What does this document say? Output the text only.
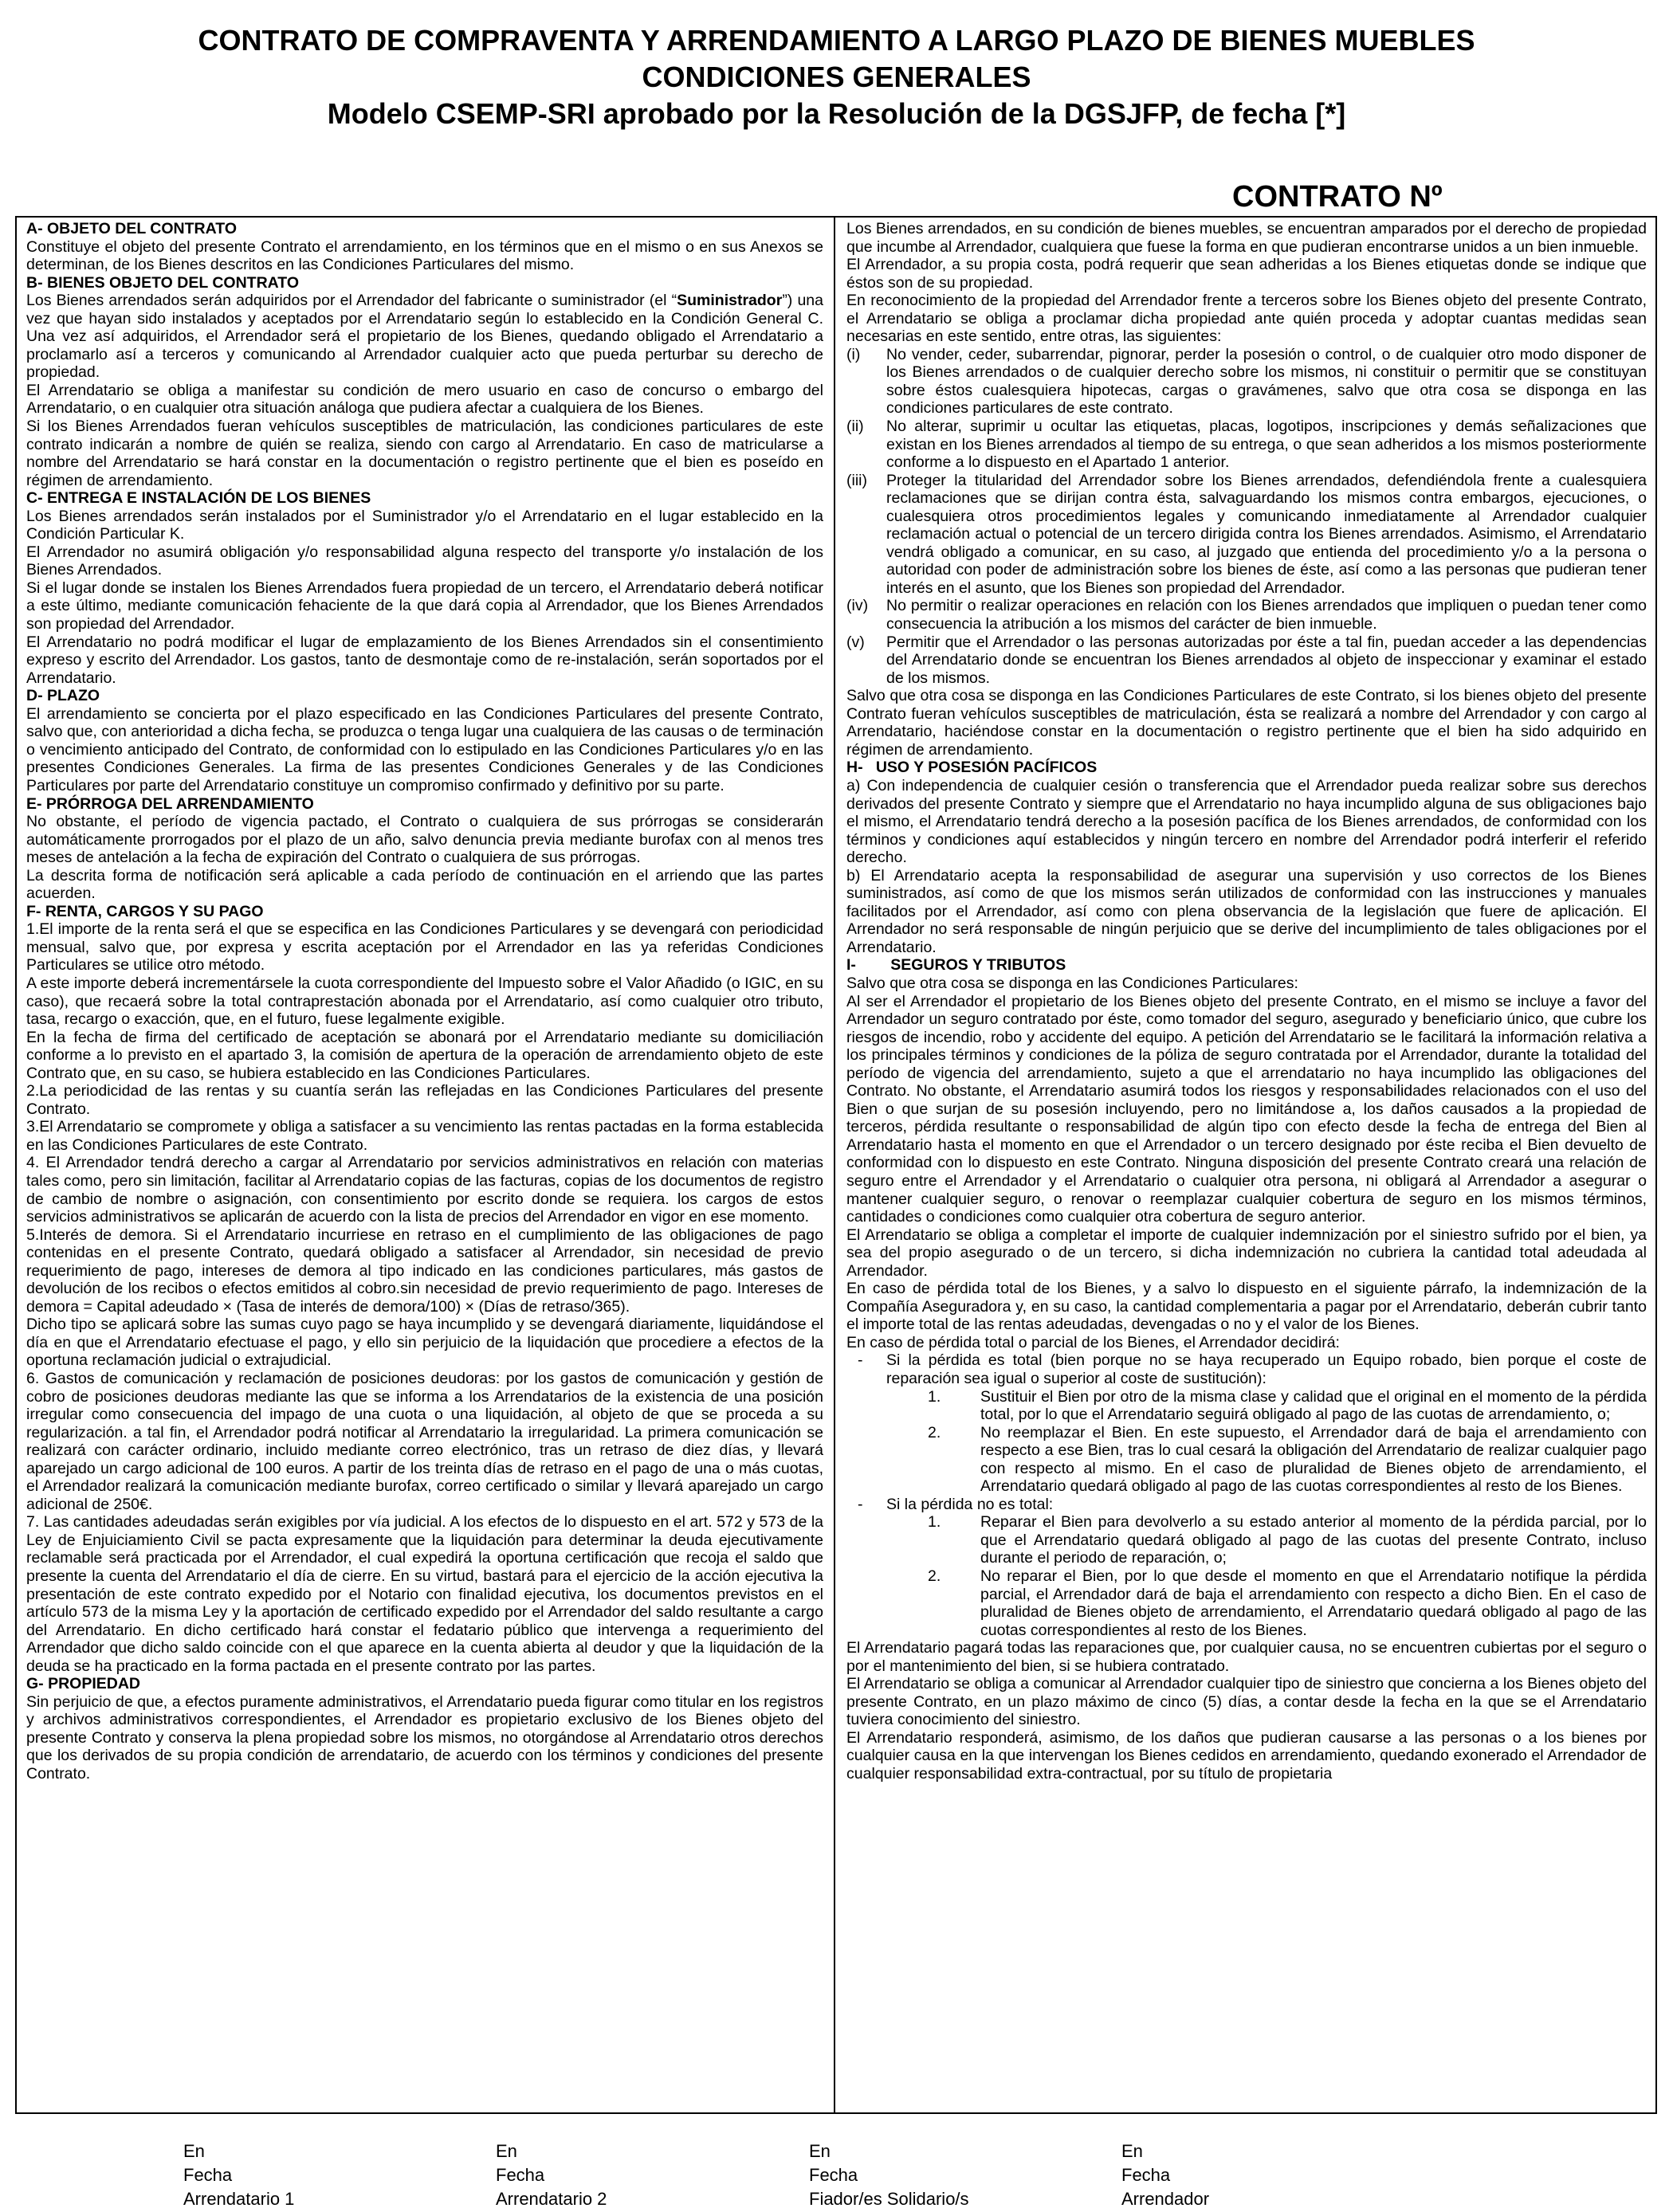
CONTRATO DE COMPRAVENTA Y ARRENDAMIENTO A LARGO PLAZO DE BIENES MUEBLES
CONDICIONES GENERALES
Modelo CSEMP-SRI aprobado por la Resolución de la DGSJFP, de fecha [*]
CONTRATO Nº

A- OBJETO DEL CONTRATO

Constituye el objeto del presente Contrato el arrendamiento, en los términos que en el mismo o en sus Anexos se determinan, de los Bienes descritos en las Condiciones Particulares del mismo.

B- BIENES OBJETO DEL CONTRATO

Los Bienes arrendados serán adquiridos por el Arrendador del fabricante o suministrador (el “Suministrador”) una vez que hayan sido instalados y aceptados por el Arrendatario según lo establecido en la Condición General C. Una vez así adquiridos, el Arrendador será el propietario de los Bienes, quedando obligado el Arrendatario a proclamarlo así a terceros y comunicando al Arrendador cualquier acto que pueda perturbar su derecho de propiedad.

El Arrendatario se obliga a manifestar su condición de mero usuario en caso de concurso o embargo del Arrendatario, o en cualquier otra situación análoga que pudiera afectar a cualquiera de los Bienes.

Si los Bienes Arrendados fueran vehículos susceptibles de matriculación, las condiciones particulares de este contrato indicarán a nombre de quién se realiza, siendo con cargo al Arrendatario. En caso de matricularse a nombre del Arrendatario se hará constar en la documentación o registro pertinente que el bien es poseído en régimen de arrendamiento.

C- ENTREGA E INSTALACIÓN DE LOS BIENES

Los Bienes arrendados serán instalados por el Suministrador y/o el Arrendatario en el lugar establecido en la Condición Particular K.

El Arrendador no asumirá obligación y/o responsabilidad alguna respecto del transporte y/o instalación de los Bienes Arrendados.

Si el lugar donde se instalen los Bienes Arrendados fuera propiedad de un tercero, el Arrendatario deberá notificar a este último, mediante comunicación fehaciente de la que dará copia al Arrendador, que los Bienes Arrendados son propiedad del Arrendador.

El Arrendatario no podrá modificar el lugar de emplazamiento de los Bienes Arrendados sin el consentimiento expreso y escrito del Arrendador. Los gastos, tanto de desmontaje como de re-instalación, serán soportados por el Arrendatario.

D- PLAZO

El arrendamiento se concierta por el plazo especificado en las Condiciones Particulares del presente Contrato, salvo que, con anterioridad a dicha fecha, se produzca o tenga lugar una cualquiera de las causas o de terminación o vencimiento anticipado del Contrato, de conformidad con lo estipulado en las Condiciones Particulares y/o en las presentes Condiciones Generales. La firma de las presentes Condiciones Generales y de las Condiciones Particulares por parte del Arrendatario constituye un compromiso confirmado y definitivo por su parte.

E- PRÓRROGA DEL ARRENDAMIENTO

No obstante, el período de vigencia pactado, el Contrato o cualquiera de sus prórrogas se considerarán automáticamente prorrogados por el plazo de un año, salvo denuncia previa mediante burofax con al menos tres meses de antelación a la fecha de expiración del Contrato o cualquiera de sus prórrogas.

La descrita forma de notificación será aplicable a cada período de continuación en el arriendo que las partes acuerden.

F- RENTA, CARGOS Y SU PAGO

1.El importe de la renta será el que se especifica en las Condiciones Particulares y se devengará con periodicidad mensual, salvo que, por expresa y escrita aceptación por el Arrendador en las ya referidas Condiciones Particulares se utilice otro método.

A este importe deberá incrementársele la cuota correspondiente del Impuesto sobre el Valor Añadido (o IGIC, en su caso), que recaerá sobre la total contraprestación abonada por el Arrendatario, así como cualquier otro tributo, tasa, recargo o exacción, que, en el futuro, fuese legalmente exigible.

En la fecha de firma del certificado de aceptación se abonará por el Arrendatario mediante su domiciliación conforme a lo previsto en el apartado 3, la comisión de apertura de la operación de arrendamiento objeto de este Contrato que, en su caso, se hubiera establecido en las Condiciones Particulares.

2.La periodicidad de las rentas y su cuantía serán las reflejadas en las Condiciones Particulares del presente Contrato.

3.El Arrendatario se compromete y obliga a satisfacer a su vencimiento las rentas pactadas en la forma establecida en las Condiciones Particulares de este Contrato.

4. El Arrendador tendrá derecho a cargar al Arrendatario por servicios administrativos en relación con materias tales como, pero sin limitación, facilitar al Arrendatario copias de las facturas, copias de los documentos de registro de cambio de nombre o asignación, con consentimiento por escrito donde se requiera. los cargos de estos servicios administrativos se aplicarán de acuerdo con la lista de precios del Arrendador en vigor en ese momento.

5.Interés de demora. Si el Arrendatario incurriese en retraso en el cumplimiento de las obligaciones de pago contenidas en el presente Contrato, quedará obligado a satisfacer al Arrendador, sin necesidad de previo requerimiento de pago, intereses de demora al tipo indicado en las condiciones particulares, más gastos de devolución de los recibos o efectos emitidos al cobro.sin necesidad de previo requerimiento de pago. Intereses de demora = Capital adeudado × (Tasa de interés de demora/100) × (Días de retraso/365).

Dicho tipo se aplicará sobre las sumas cuyo pago se haya incumplido y se devengará diariamente, liquidándose el día en que el Arrendatario efectuase el pago, y ello sin perjuicio de la liquidación que procediere a efectos de la oportuna reclamación judicial o extrajudicial.

6. Gastos de comunicación y reclamación de posiciones deudoras: por los gastos de comunicación y gestión de cobro de posiciones deudoras mediante las que se informa a los Arrendatarios de la existencia de una posición irregular como consecuencia del impago de una cuota o una liquidación, al objeto de que se proceda a su regularización. a tal fin, el Arrendador podrá notificar al Arrendatario la irregularidad. La primera comunicación se realizará con carácter ordinario, incluido mediante correo electrónico, tras un retraso de diez días, y llevará aparejado un cargo adicional de 100 euros. A partir de los treinta días de retraso en el pago de una o más cuotas, el Arrendador realizará la comunicación mediante burofax, correo certificado o similar y llevará aparejado un cargo adicional de 250€.

7. Las cantidades adeudadas serán exigibles por vía judicial. A los efectos de lo dispuesto en el art. 572 y 573 de la Ley de Enjuiciamiento Civil se pacta expresamente que la liquidación para determinar la deuda ejecutivamente reclamable será practicada por el Arrendador, el cual expedirá la oportuna certificación que recoja el saldo que presente la cuenta del Arrendatario el día de cierre. En su virtud, bastará para el ejercicio de la acción ejecutiva la presentación de este contrato expedido por el Notario con finalidad ejecutiva, los documentos previstos en el artículo 573 de la misma Ley y la aportación de certificado expedido por el Arrendador del saldo resultante a cargo del Arrendatario. En dicho certificado hará constar el fedatario público que intervenga a requerimiento del Arrendador que dicho saldo coincide con el que aparece en la cuenta abierta al deudor y que la liquidación de la deuda se ha practicado en la forma pactada en el presente contrato por las partes.

G- PROPIEDAD

Sin perjuicio de que, a efectos puramente administrativos, el Arrendatario pueda figurar como titular en los registros y archivos administrativos correspondientes, el Arrendador es propietario exclusivo de los Bienes objeto del presente Contrato y conserva la plena propiedad sobre los mismos, no otorgándose al Arrendatario otros derechos que los derivados de su propia condición de arrendatario, de acuerdo con los términos y condiciones del presente Contrato.

Los Bienes arrendados, en su condición de bienes muebles, se encuentran amparados por el derecho de propiedad que incumbe al Arrendador, cualquiera que fuese la forma en que pudieran encontrarse unidos a un bien inmueble.

El Arrendador, a su propia costa, podrá requerir que sean adheridas a los Bienes etiquetas donde se indique que éstos son de su propiedad.

En reconocimiento de la propiedad del Arrendador frente a terceros sobre los Bienes objeto del presente Contrato, el Arrendatario se obliga a proclamar dicha propiedad ante quién proceda y adoptar cuantas medidas sean necesarias en este sentido, entre otras, las siguientes:

(i)	No vender, ceder, subarrendar, pignorar, perder la posesión o control, o de cualquier otro modo disponer de los Bienes arrendados o de cualquier derecho sobre los mismos, ni constituir o permitir que se constituyan sobre éstos cualesquiera hipotecas, cargas o gravámenes, salvo que otra cosa se disponga en las condiciones particulares de este contrato.
(ii)	No alterar, suprimir u ocultar las etiquetas, placas, logotipos, inscripciones y demás señalizaciones que existan en los Bienes arrendados al tiempo de su entrega, o que sean adheridos a los mismos posteriormente conforme a lo dispuesto en el Apartado 1 anterior.
(iii)	Proteger la titularidad del Arrendador sobre los Bienes arrendados, defendiéndola frente a cualesquiera reclamaciones que se dirijan contra ésta, salvaguardando los mismos contra embargos, ejecuciones, o cualesquiera otros procedimientos legales y comunicando inmediatamente al Arrendador cualquier reclamación actual o potencial de un tercero dirigida contra los Bienes arrendados. Asimismo, el Arrendatario vendrá obligado a comunicar, en su caso, al juzgado que entienda del procedimiento y/o a la persona o autoridad con poder de administración sobre los bienes de éste, así como a las personas que pudieran tener interés en el asunto, que los Bienes son propiedad del Arrendador.
(iv)	No permitir o realizar operaciones en relación con los Bienes arrendados que impliquen o puedan tener como consecuencia la atribución a los mismos del carácter de bien inmueble.
(v)	Permitir que el Arrendador o las personas autorizadas por éste a tal fin, puedan acceder a las dependencias del Arrendatario donde se encuentran los Bienes arrendados al objeto de inspeccionar y examinar el estado de los mismos.

Salvo que otra cosa se disponga en las Condiciones Particulares de este Contrato, si los bienes objeto del presente Contrato fueran vehículos susceptibles de matriculación, ésta se realizará a nombre del Arrendador y con cargo al Arrendatario, haciéndose constar en la documentación o registro pertinente que el bien ha sido adquirido en régimen de arrendamiento.

H-   USO Y POSESIÓN PACÍFICOS

a) Con independencia de cualquier cesión o transferencia que el Arrendador pueda realizar sobre sus derechos derivados del presente Contrato y siempre que el Arrendatario no haya incumplido alguna de sus obligaciones bajo el mismo, el Arrendatario tendrá derecho a la posesión pacífica de los Bienes arrendados, de conformidad con los términos y condiciones aquí establecidos y ningún tercero en nombre del Arrendador podrá interferir el referido derecho.

b) El Arrendatario acepta la responsabilidad de asegurar una supervisión y uso correctos de los Bienes suministrados, así como de que los mismos serán utilizados de conformidad con las instrucciones y manuales facilitados por el Arrendador, así como con plena observancia de la legislación que fuere de aplicación. El Arrendador no será responsable de ningún perjuicio que se derive del incumplimiento de tales obligaciones por el Arrendatario.

I-        SEGUROS Y TRIBUTOS

Salvo que otra cosa se disponga en las Condiciones Particulares:

Al ser el Arrendador el propietario de los Bienes objeto del presente Contrato, en el mismo se incluye a favor del Arrendador un seguro contratado por éste, como tomador del seguro, asegurado y beneficiario único, que cubre los riesgos de incendio, robo y accidente del equipo. A petición del Arrendatario se le facilitará la información relativa a los principales términos y condiciones de la póliza de seguro contratada por el Arrendador, durante la totalidad del período de vigencia del arrendamiento, sujeto a que el arrendatario no haya incumplido las obligaciones del Contrato. No obstante, el Arrendatario asumirá todos los riesgos y responsabilidades relacionados con el uso del Bien o que surjan de su posesión incluyendo, pero no limitándose a, los daños causados a la propiedad de terceros, pérdida resultante o responsabilidad de algún tipo con efecto desde la fecha de entrega del Bien al Arrendatario hasta el momento en que el Arrendador o un tercero designado por éste reciba el Bien devuelto de conformidad con lo dispuesto en este Contrato. Ninguna disposición del presente Contrato creará una relación de seguro entre el Arrendador y el Arrendatario o cualquier otra persona, ni obligará al Arrendador a asegurar o mantener cualquier seguro, o renovar o reemplazar cualquier cobertura de seguro en los mismos términos, cantidades o condiciones como cualquier otra cobertura de seguro anterior.

El Arrendatario se obliga a completar el importe de cualquier indemnización por el siniestro sufrido por el bien, ya sea del propio asegurado o de un tercero, si dicha indemnización no cubriera la cantidad total adeudada al Arrendador.

En caso de pérdida total de los Bienes, y a salvo lo dispuesto en el siguiente párrafo, la indemnización de la Compañía Aseguradora y, en su caso, la cantidad complementaria a pagar por el Arrendatario, deberán cubrir tanto el importe total de las rentas adeudadas, devengadas o no y el valor de los Bienes.

En caso de pérdida total o parcial de los Bienes, el Arrendador decidirá:

-	Si la pérdida es total (bien porque no se haya recuperado un Equipo robado, bien porque el coste de reparación sea igual o superior al coste de sustitución):
1.	Sustituir el Bien por otro de la misma clase y calidad que el original en el momento de la pérdida total, por lo que el Arrendatario seguirá obligado al pago de las cuotas de arrendamiento, o;
2.	No reemplazar el Bien. En este supuesto, el Arrendador dará de baja el arrendamiento con respecto a ese Bien, tras lo cual cesará la obligación del Arrendatario de realizar cualquier pago con respecto al mismo. En el caso de pluralidad de Bienes objeto de arrendamiento, el Arrendatario quedará obligado al pago de las cuotas correspondientes al resto de los Bienes.
-	Si la pérdida no es total:
1.	Reparar el Bien para devolverlo a su estado anterior al momento de la pérdida parcial, por lo que el Arrendatario quedará obligado al pago de las cuotas del presente Contrato, incluso durante el periodo de reparación, o;
2.	No reparar el Bien, por lo que desde el momento en que el Arrendatario notifique la pérdida parcial, el Arrendador dará de baja el arrendamiento con respecto a dicho Bien. En el caso de pluralidad de Bienes objeto de arrendamiento, el Arrendatario quedará obligado al pago de las cuotas correspondientes al resto de los Bienes.

El Arrendatario pagará todas las reparaciones que, por cualquier causa, no se encuentren cubiertas por el seguro o por el mantenimiento del bien, si se hubiera contratado.

El Arrendatario se obliga a comunicar al Arrendador cualquier tipo de siniestro que concierna a los Bienes objeto del presente Contrato, en un plazo máximo de cinco (5) días, a contar desde la fecha en la que se el Arrendatario tuviera conocimiento del siniestro.

El Arrendatario responderá, asimismo, de los daños que pudieran causarse a las personas o a los bienes por cualquier causa en la que intervengan los Bienes cedidos en arrendamiento, quedando exonerado el Arrendador de cualquier responsabilidad extra-contractual, por su título de propietaria

En
Fecha
Arrendatario 1
En
Fecha
Arrendatario 2
En
Fecha
Fiador/es Solidario/s
En
Fecha
Arrendador
